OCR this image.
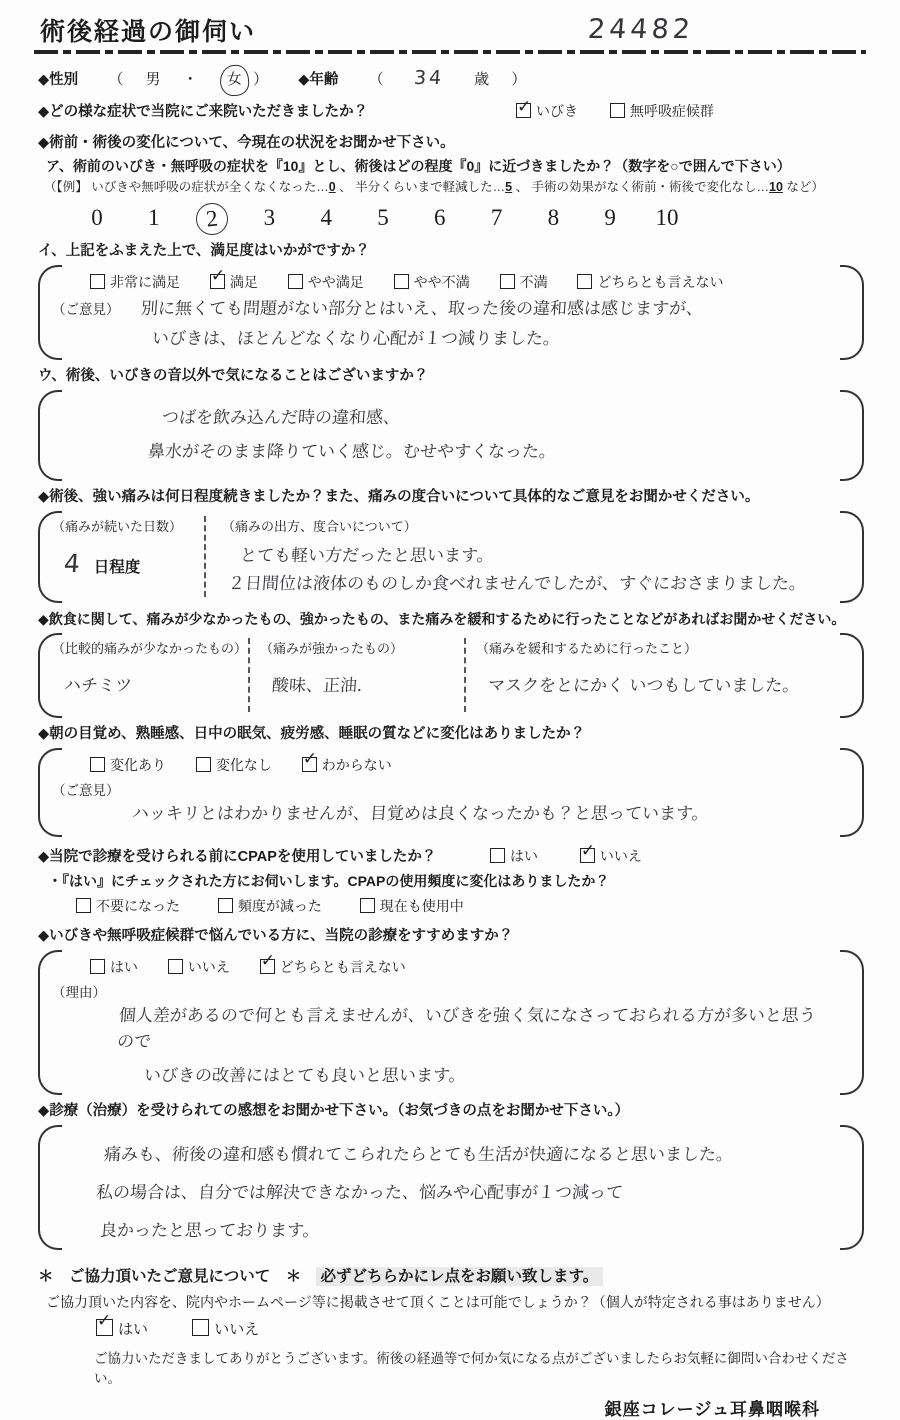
24482
術後経過の御伺い
◆性別 （ 男 ・ 女 ） ◆年齢 （ 34 歳 ）
◆どの様な症状で当院にご来院いただきましたか？ ✓	いびき	無呼吸症候群
◆術前・術後の変化について、今現在の状況をお聞かせ下さい。
ア、術前のいびき・無呼吸の症状を『10』とし、術後はどの程度『0』に近づきましたか？（数字を○で囲んで下さい）
（【例】 いびきや無呼吸の症状が全くなくなった…0 、 半分くらいまで軽減した…5 、 手術の効果がなく術前・術後で変化なし…10 など）
0	1	2	3	4	5	6	7	8	9	10
イ、上記をふまえた上で、満足度はいかがですか？
非常に満足 ✓	満足	やや満足	やや不満	不満	どちらとも言えない
（ご意見） 別に無くても問題がない部分とはいえ、取った後の違和感は感じますが、
いびきは、ほとんどなくなり心配が１つ減りました。
ウ、術後、いびきの音以外で気になることはございますか？
つばを飲み込んだ時の違和感、 鼻水がそのまま降りていく感じ。むせやすくなった。
◆術後、強い痛みは何日程度続きましたか？また、痛みの度合いについて具体的なご意見をお聞かせください。
（痛みが続いた日数）
4 日程度
（痛みの出方、度合いについて）
とても軽い方だったと思います。 ２日間位は液体のものしか食べれませんでしたが、すぐにおさまりました。
◆飲食に関して、痛みが少なかったもの、強かったもの、また痛みを緩和するために行ったことなどがあればお聞かせください。
（比較的痛みが少なかったもの）
ハチミツ
（痛みが強かったもの）
酸味、正油．
（痛みを緩和するために行ったこと）
マスクをとにかく いつもしていました。
◆朝の目覚め、熟睡感、日中の眠気、疲労感、睡眠の質などに変化はありましたか？
変化あり	変化なし ✓	わからない
（ご意見）
ハッキリとはわかりませんが、目覚めは良くなったかも？と思っています。
◆当院で診療を受けられる前にCPAPを使用していましたか？	はい ✓	いいえ
・『はい』にチェックされた方にお伺いします。CPAPの使用頻度に変化はありましたか？
不要になった	頻度が減った	現在も使用中
◆いびきや無呼吸症候群で悩んでいる方に、当院の診療をすすめますか？
はい	いいえ ✓	どちらとも言えない
（理由）
個人差があるので何とも言えませんが、いびきを強く気になさっておられる方が多いと思うので いびきの改善にはとても良いと思います。
◆診療（治療）を受けられての感想をお聞かせ下さい。（お気づきの点をお聞かせ下さい。）
痛みも、術後の違和感も慣れてこられたらとても生活が快適になると思いました。 私の場合は、自分では解決できなかった、悩みや心配事が１つ減って 良かったと思っております。
＊　ご協力頂いたご意見について　＊ 必ずどちらかにレ点をお願い致します。
ご協力頂いた内容を、院内やホームページ等に掲載させて頂くことは可能でしょうか？（個人が特定される事はありません）
✓はい	いいえ
ご協力いただきましてありがとうございます。術後の経過等で何か気になる点がございましたらお気軽に御問い合わせください。
銀座コレージュ耳鼻咽喉科
